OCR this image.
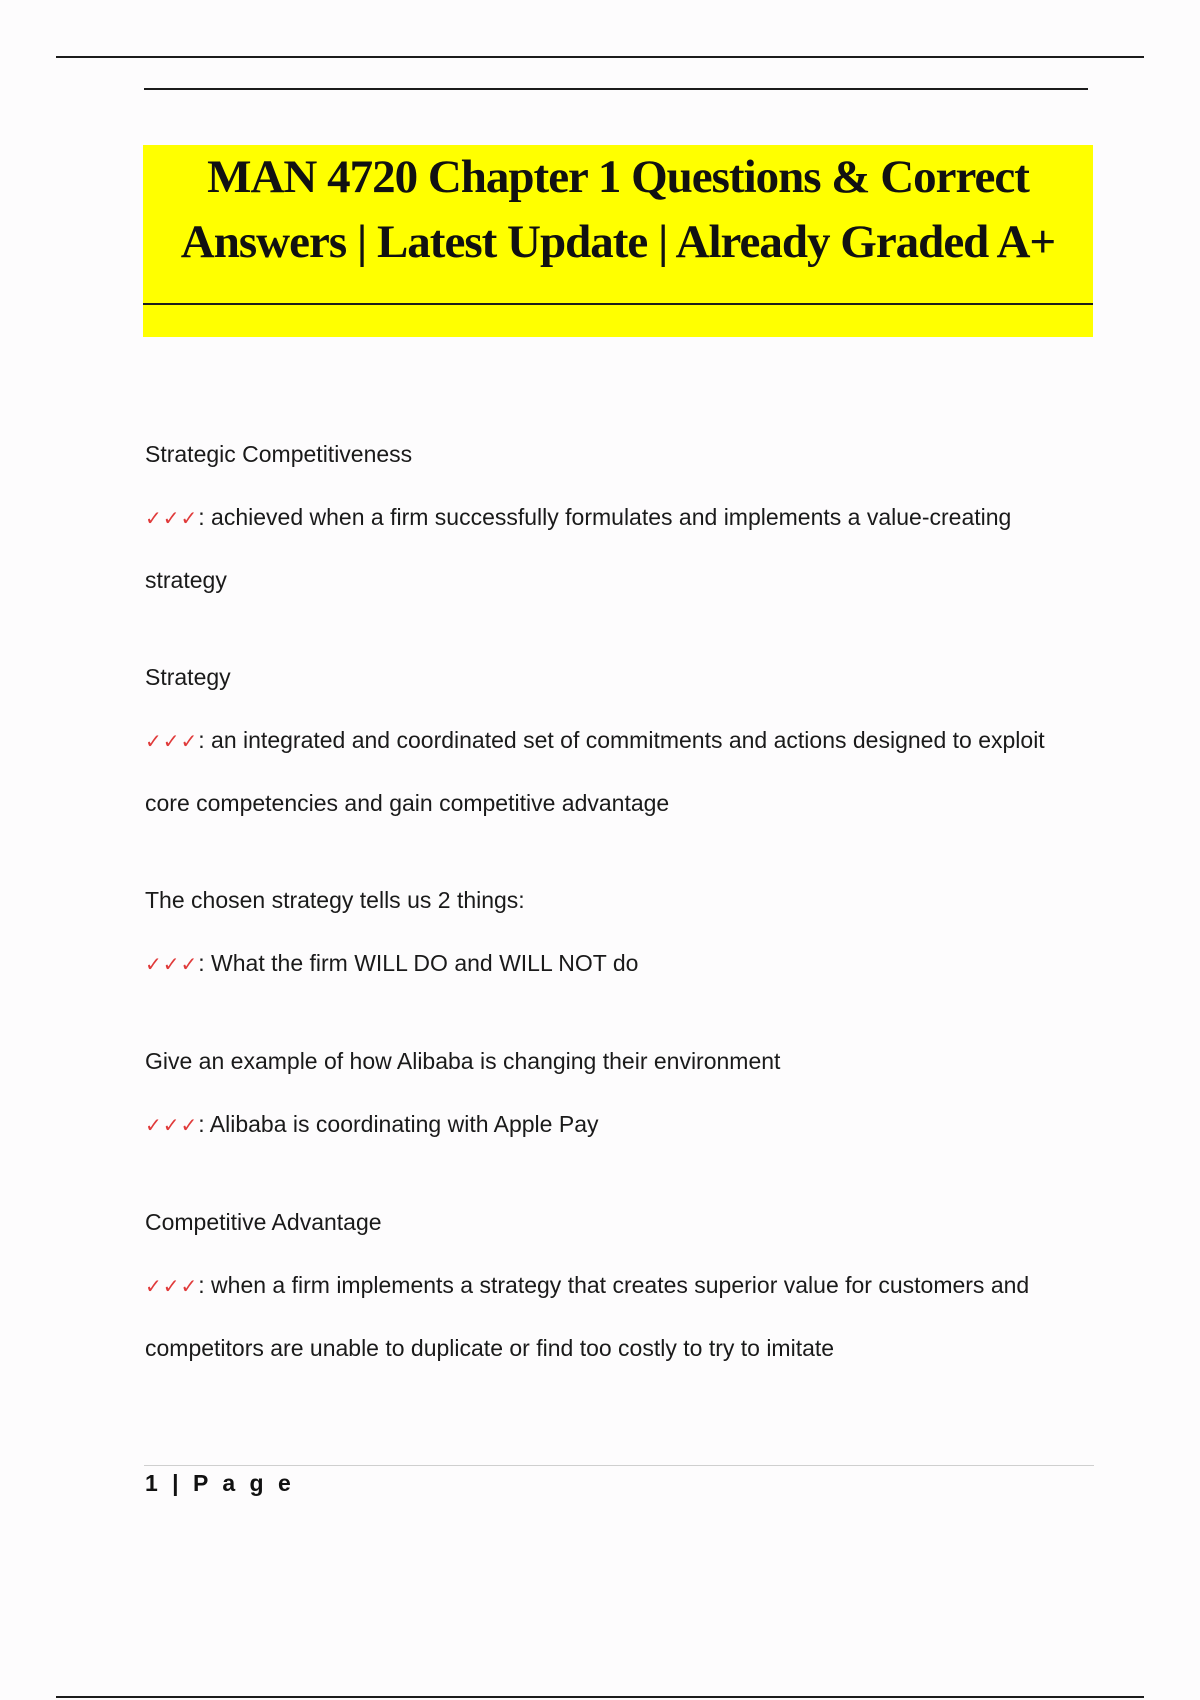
MAN 4720 Chapter 1 Questions & Correct Answers | Latest Update | Already Graded A+

Strategic Competitiveness

✓✓✓: achieved when a firm successfully formulates and implements a value-creating strategy

Strategy

✓✓✓: an integrated and coordinated set of commitments and actions designed to exploit core competencies and gain competitive advantage

The chosen strategy tells us 2 things:

✓✓✓: What the firm WILL DO and WILL NOT do

Give an example of how Alibaba is changing their environment

✓✓✓: Alibaba is coordinating with Apple Pay

Competitive Advantage

✓✓✓: when a firm implements a strategy that creates superior value for customers and competitors are unable to duplicate or find too costly to try to imitate

1 | P a g e
